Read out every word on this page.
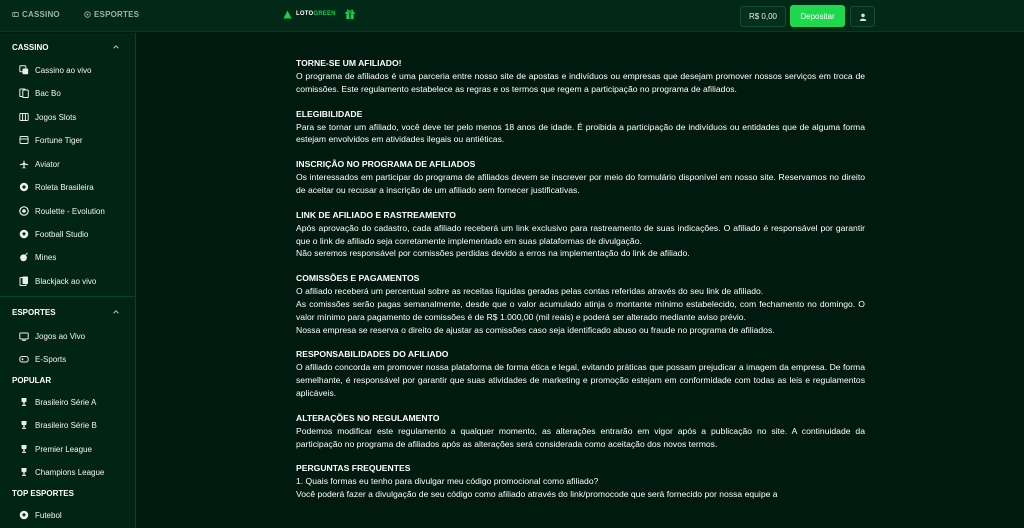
CASSINO	ESPORTES	LOTOGREEN	R$ 0,00	Depositar
CASSINO
Cassino ao vivo
Bac Bo
Jogos Slots
Fortune Tiger
Aviator
Roleta Brasileira
Roulette - Evolution
Football Studio
Mines
Blackjack ao vivo
ESPORTES
Jogos ao Vivo
E-Sports
POPULAR
Brasileiro Série A
Brasileiro Série B
Premier League
Champions League
TOP ESPORTES
Futebol
TORNE-SE UM AFILIADO!

O programa de afiliados é uma parceria entre nosso site de apostas e indivíduos ou empresas que desejam promover nossos serviços em troca de comissões. Este regulamento estabelece as regras e os termos que regem a participação no programa de afiliados.

ELEGIBILIDADE

Para se tornar um afiliado, você deve ter pelo menos 18 anos de idade. É proibida a participação de indivíduos ou entidades que de alguma forma estejam envolvidos em atividades ilegais ou antiéticas.

INSCRIÇÃO NO PROGRAMA DE AFILIADOS

Os interessados em participar do programa de afiliados devem se inscrever por meio do formulário disponível em nosso site. Reservamos no direito de aceitar ou recusar a inscrição de um afiliado sem fornecer justificativas.

LINK DE AFILIADO E RASTREAMENTO

Após aprovação do cadastro, cada afiliado receberá um link exclusivo para rastreamento de suas indicações. O afiliado é responsável por garantir que o link de afiliado seja corretamente implementado em suas plataformas de divulgação.

Não seremos responsável por comissões perdidas devido a erros na implementação do link de afiliado.

COMISSÕES E PAGAMENTOS

O afiliado receberá um percentual sobre as receitas líquidas geradas pelas contas referidas através do seu link de afiliado.

As comissões serão pagas semanalmente, desde que o valor acumulado atinja o montante mínimo estabelecido, com fechamento no domingo. O valor mínimo para pagamento de comissões é de R$ 1.000,00 (mil reais) e poderá ser alterado mediante aviso prévio.

Nossa empresa se reserva o direito de ajustar as comissões caso seja identificado abuso ou fraude no programa de afiliados.

RESPONSABILIDADES DO AFILIADO

O afiliado concorda em promover nossa plataforma de forma ética e legal, evitando práticas que possam prejudicar a imagem da empresa. De forma semelhante, é responsável por garantir que suas atividades de marketing e promoção estejam em conformidade com todas as leis e regulamentos aplicáveis.

ALTERAÇÕES NO REGULAMENTO

Podemos modificar este regulamento a qualquer momento, as alterações entrarão em vigor após a publicação no site. A continuidade da participação no programa de afiliados após as alterações será considerada como aceitação dos novos termos.

PERGUNTAS FREQUENTES

1. Quais formas eu tenho para divulgar meu código promocional como afiliado?

Você poderá fazer a divulgação de seu código como afiliado através do link/promocode que será fornecido por nossa equipe a
